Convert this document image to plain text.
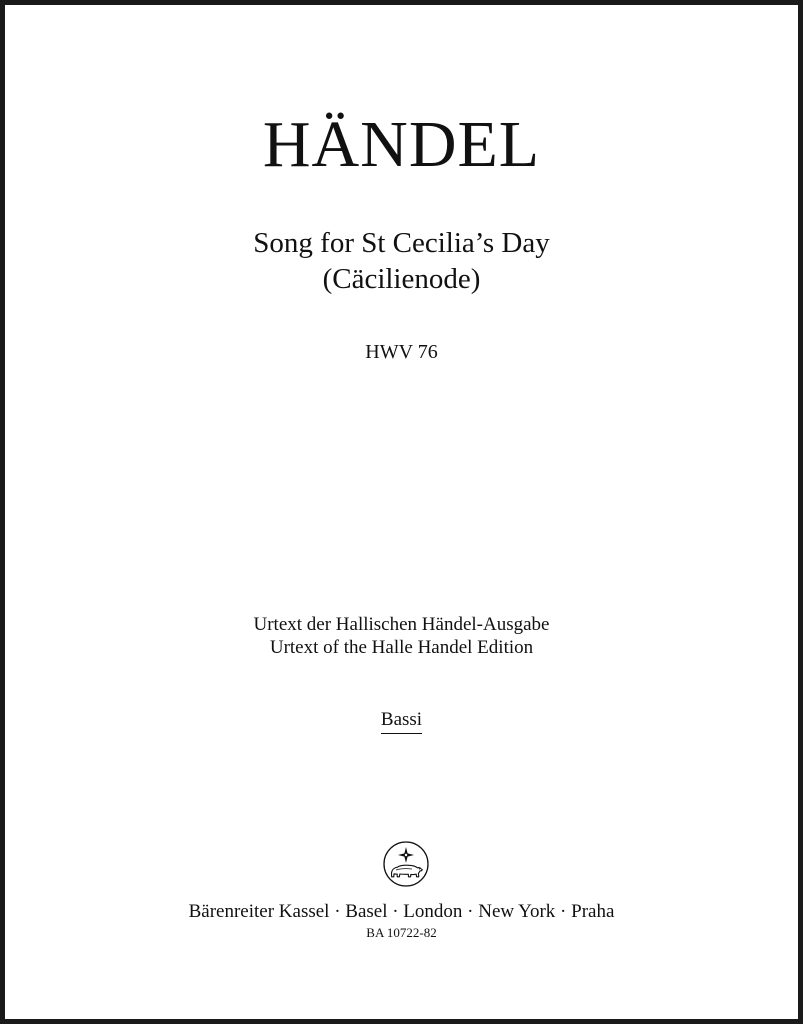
HÄNDEL
Song for St Cecilia’s Day
(Cäcilienode)
HWV 76
Urtext der Hallischen Händel-Ausgabe
Urtext of the Halle Handel Edition
Bassi
Bärenreiter Kassel · Basel · London · New York · Praha
BA 10722-82
